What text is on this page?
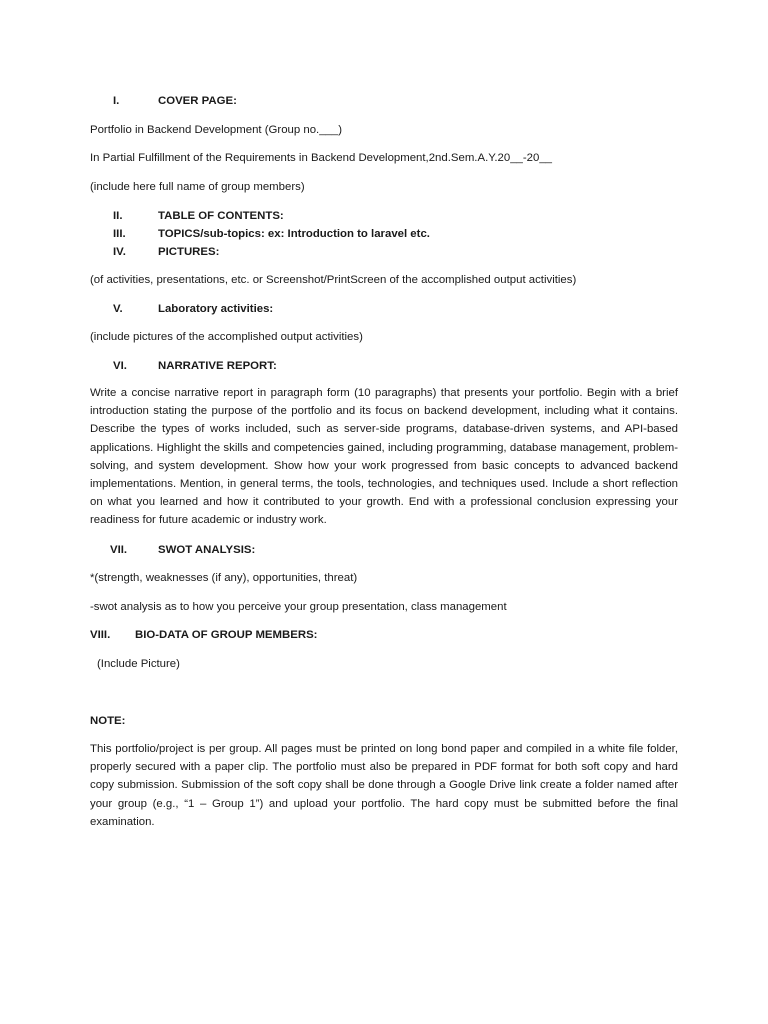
I.	COVER PAGE:
Portfolio in Backend Development (Group no.___)
In Partial Fulfillment of the Requirements in Backend Development,2nd.Sem.A.Y.20__-20__
(include here full name of group members)
II.	TABLE OF CONTENTS:
III.	TOPICS/sub-topics: ex: Introduction to laravel etc.
IV.	PICTURES:
(of activities, presentations, etc. or Screenshot/PrintScreen of the accomplished output activities)
V.	Laboratory activities:
(include pictures of the accomplished output activities)
VI.	NARRATIVE REPORT:
Write a concise narrative report in paragraph form (10 paragraphs) that presents your portfolio. Begin with a brief introduction stating the purpose of the portfolio and its focus on backend development, including what it contains. Describe the types of works included, such as server-side programs, database-driven systems, and API-based applications. Highlight the skills and competencies gained, including programming, database management, problem-solving, and system development. Show how your work progressed from basic concepts to advanced backend implementations. Mention, in general terms, the tools, technologies, and techniques used. Include a short reflection on what you learned and how it contributed to your growth. End with a professional conclusion expressing your readiness for future academic or industry work.
VII.	SWOT ANALYSIS:
*(strength, weaknesses (if any), opportunities, threat)
-swot analysis as to how you perceive your group presentation, class management
VIII. BIO-DATA OF GROUP MEMBERS:
(Include Picture)
NOTE:
This portfolio/project is per group. All pages must be printed on long bond paper and compiled in a white file folder, properly secured with a paper clip. The portfolio must also be prepared in PDF format for both soft copy and hard copy submission. Submission of the soft copy shall be done through a Google Drive link create a folder named after your group (e.g., “1 – Group 1”) and upload your portfolio. The hard copy must be submitted before the final examination.
